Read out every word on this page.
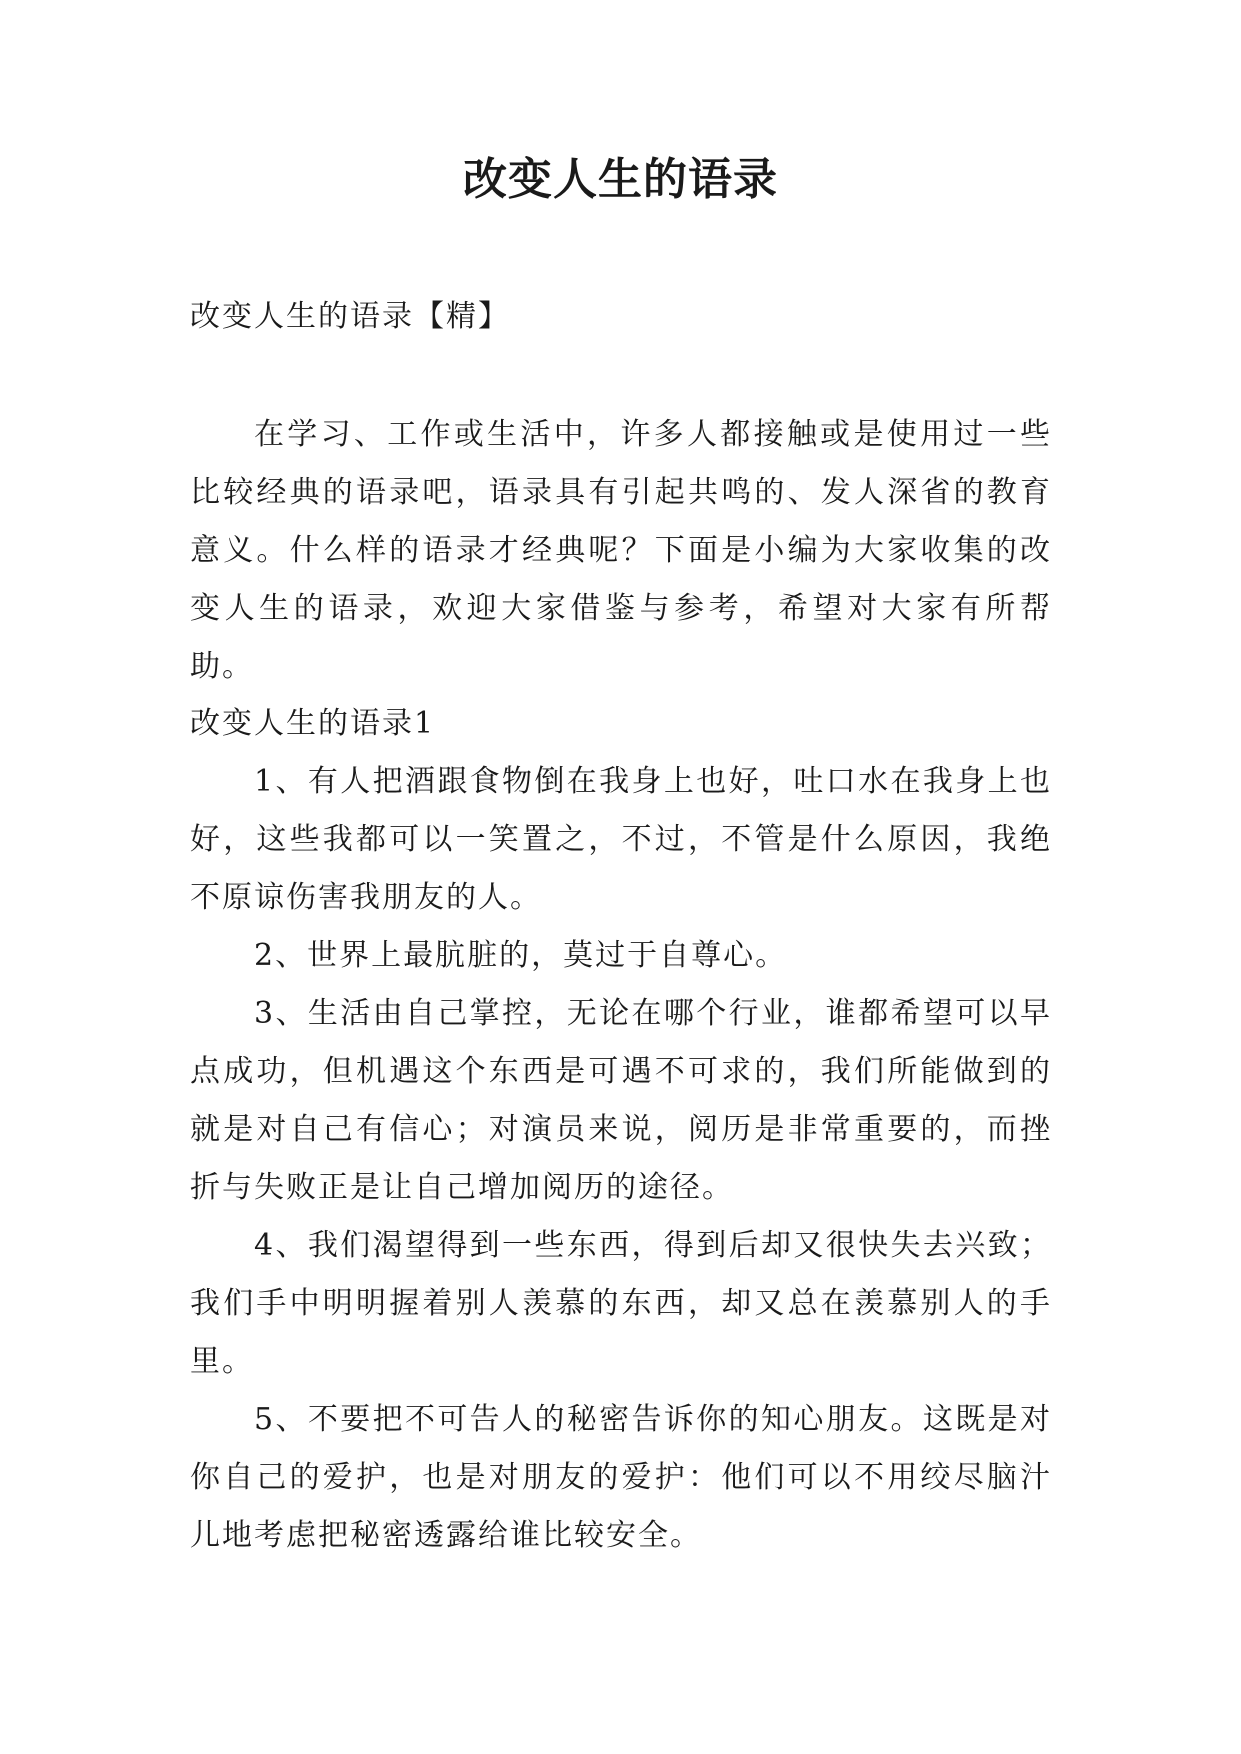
改变人生的语录
改变人生的语录【精】
在学习、工作或生活中，许多人都接触或是使用过一些比较经典的语录吧，语录具有引起共鸣的、发人深省的教育意义。什么样的语录才经典呢？下面是小编为大家收集的改变人生的语录，欢迎大家借鉴与参考，希望对大家有所帮助。
改变人生的语录1

1、有人把酒跟食物倒在我身上也好，吐口水在我身上也好，这些我都可以一笑置之，不过，不管是什么原因，我绝不原谅伤害我朋友的人。

2、世界上最肮脏的，莫过于自尊心。

3、生活由自己掌控，无论在哪个行业，谁都希望可以早点成功，但机遇这个东西是可遇不可求的，我们所能做到的就是对自己有信心；对演员来说，阅历是非常重要的，而挫折与失败正是让自己增加阅历的途径。

4、我们渴望得到一些东西，得到后却又很快失去兴致；我们手中明明握着别人羡慕的东西，却又总在羡慕别人的手里。

5、不要把不可告人的秘密告诉你的知心朋友。这既是对你自己的爱护，也是对朋友的爱护：他们可以不用绞尽脑汁儿地考虑把秘密透露给谁比较安全。
